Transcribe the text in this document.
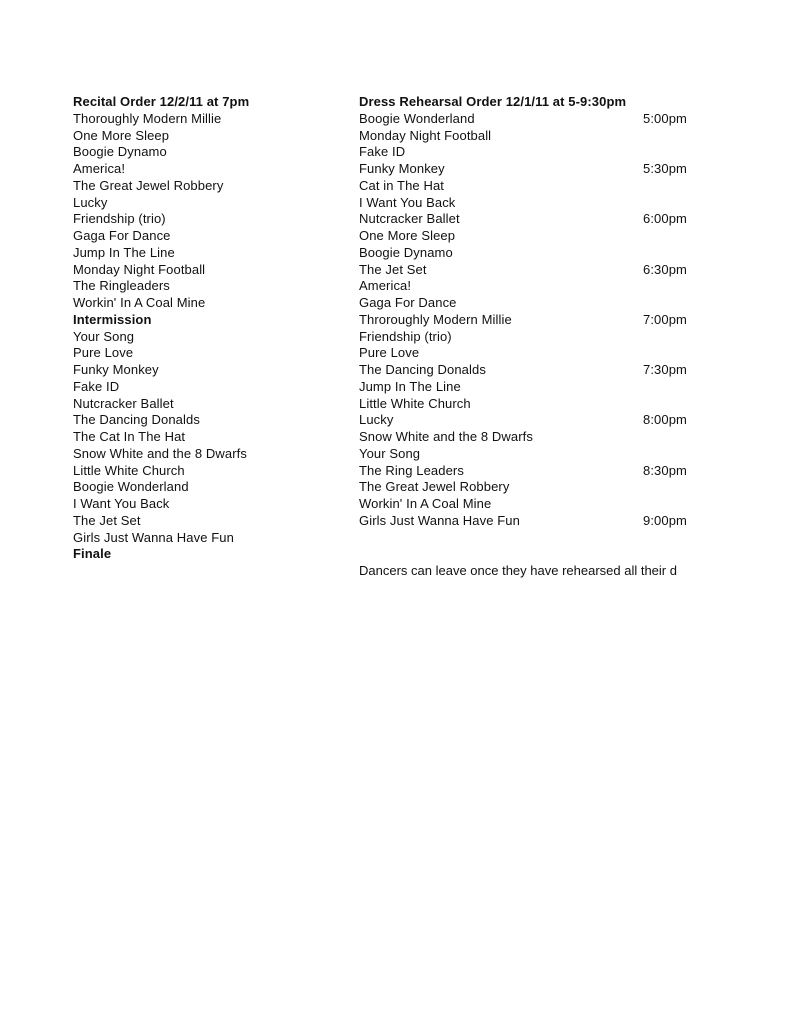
Recital Order 12/2/11 at 7pm
Thoroughly Modern Millie
One More Sleep
Boogie Dynamo
America!
The Great Jewel Robbery
Lucky
Friendship (trio)
Gaga For Dance
Jump In The Line
Monday Night Football
The Ringleaders
Workin' In A Coal Mine
Intermission
Your Song
Pure Love
Funky Monkey
Fake ID
Nutcracker Ballet
The Dancing Donalds
The Cat In The Hat
Snow White and the 8 Dwarfs
Little White Church
Boogie Wonderland
I Want You Back
The Jet Set
Girls Just Wanna Have Fun
Finale
Dress Rehearsal Order 12/1/11 at 5-9:30pm
Boogie Wonderland	5:00pm
Monday Night Football
Fake ID
Funky Monkey	5:30pm
Cat in The Hat
I Want You Back
Nutcracker Ballet	6:00pm
One More Sleep
Boogie Dynamo
The Jet Set	6:30pm
America!
Gaga For Dance
Throroughly Modern Millie	7:00pm
Friendship (trio)
Pure Love
The Dancing Donalds	7:30pm
Jump In The Line
Little White Church
Lucky	8:00pm
Snow White and the 8 Dwarfs
Your Song
The Ring Leaders	8:30pm
The Great Jewel Robbery
Workin' In A Coal Mine
Girls Just Wanna Have Fun	9:00pm
Dancers can leave once they have rehearsed all their d
